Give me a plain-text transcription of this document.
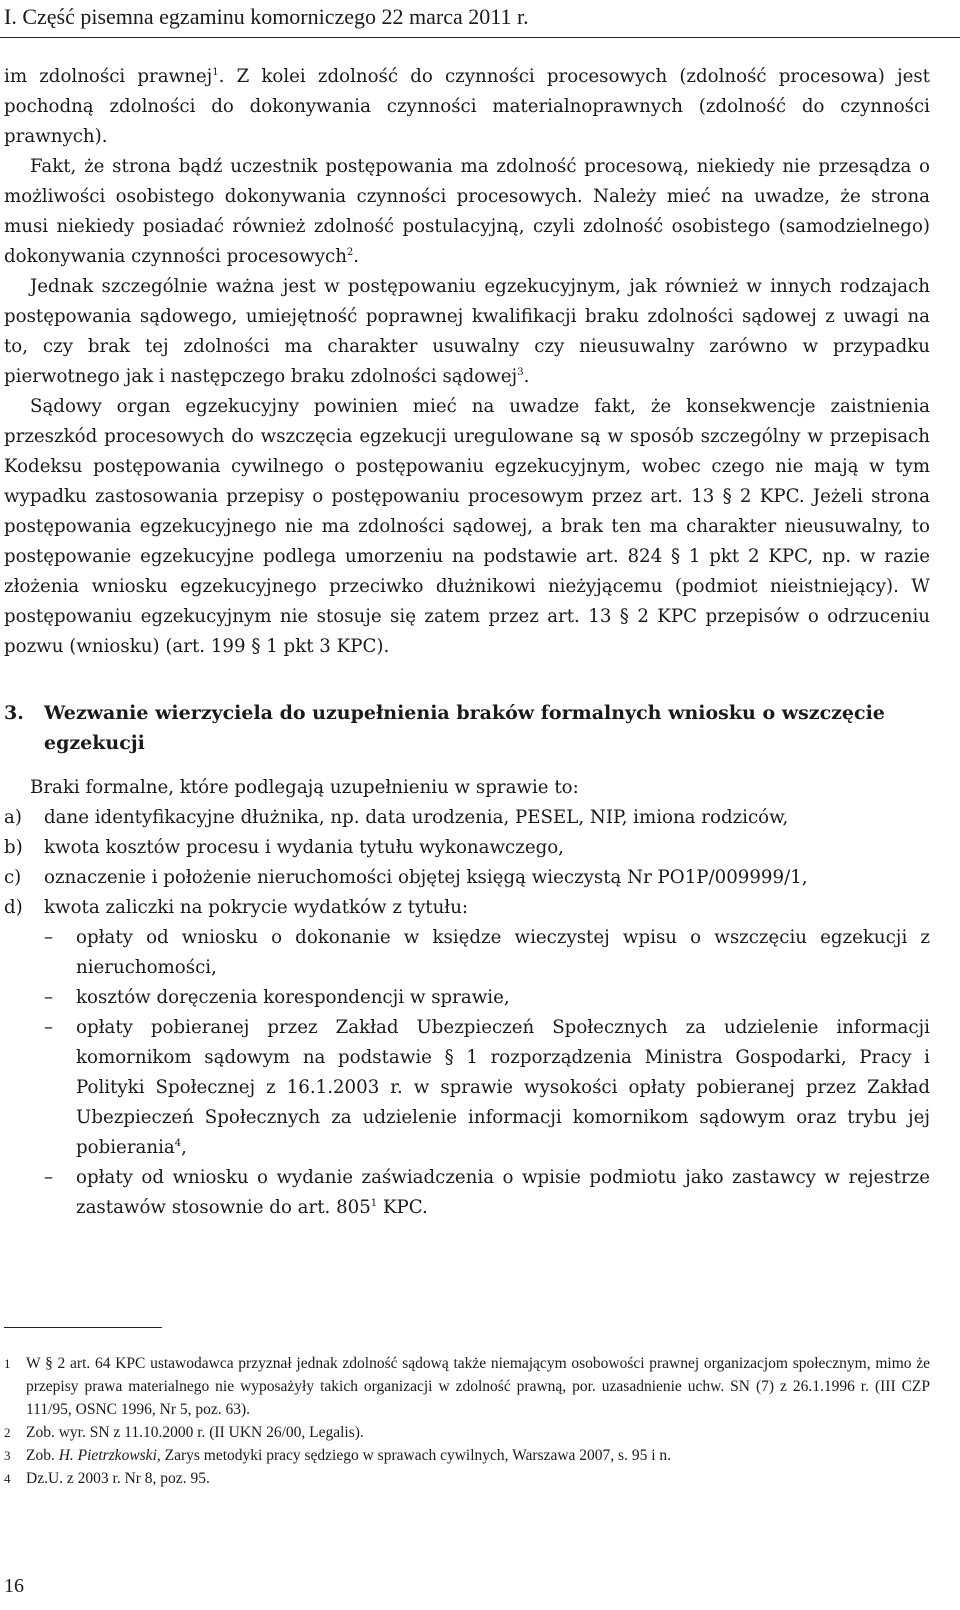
I. Część pisemna egzaminu komorniczego 22 marca 2011 r.

im zdolności prawnej$^1$. Z kolei zdolność do czynności procesowych (zdolność procesowa) jest pochodną zdolności do dokonywania czynności materialnoprawnych (zdolność do czynności prawnych).

Fakt, że strona bądź uczestnik postępowania ma zdolność procesową, niekiedy nie przesądza o możliwości osobistego dokonywania czynności procesowych. Należy mieć na uwadze, że strona musi niekiedy posiadać również zdolność postulacyjną, czyli zdolność osobistego (samodzielnego) dokonywania czynności procesowych$^2$.

Jednak szczególnie ważna jest w postępowaniu egzekucyjnym, jak również w innych rodzajach postępowania sądowego, umiejętność poprawnej kwalifikacji braku zdolności sądowej z uwagi na to, czy brak tej zdolności ma charakter usuwalny czy nieusuwalny zarówno w przypadku pierwotnego jak i następczego braku zdolności sądowej$^3$.

Sądowy organ egzekucyjny powinien mieć na uwadze fakt, że konsekwencje zaistnienia przeszkód procesowych do wszczęcia egzekucji uregulowane są w sposób szczególny w przepisach Kodeksu postępowania cywilnego o postępowaniu egzekucyjnym, wobec czego nie mają w tym wypadku zastosowania przepisy o postępowaniu procesowym przez art. 13 § 2 KPC. Jeżeli strona postępowania egzekucyjnego nie ma zdolności sądowej, a brak ten ma charakter nieusuwalny, to postępowanie egzekucyjne podlega umorzeniu na podstawie art. 824 § 1 pkt 2 KPC, np. w razie złożenia wniosku egzekucyjnego przeciwko dłużnikowi nieżyjącemu (podmiot nieistniejący). W postępowaniu egzekucyjnym nie stosuje się zatem przez art. 13 § 2 KPC przepisów o odrzuceniu pozwu (wniosku) (art. 199 § 1 pkt 3 KPC).

3.	Wezwanie wierzyciela do uzupełnienia braków formalnych wniosku o wszczęcie egzekucji

Braki formalne, które podlegają uzupełnieniu w sprawie to:

a)	dane identyfikacyjne dłużnika, np. data urodzenia, PESEL, NIP, imiona rodziców,
b)	kwota kosztów procesu i wydania tytułu wykonawczego,
c)	oznaczenie i położenie nieruchomości objętej księgą wieczystą Nr PO1P/009999/1,
d)	kwota zaliczki na pokrycie wydatków z tytułu:
–	opłaty od wniosku o dokonanie w księdze wieczystej wpisu o wszczęciu egzekucji z nieruchomości,
–	kosztów doręczenia korespondencji w sprawie,
–	opłaty pobieranej przez Zakład Ubezpieczeń Społecznych za udzielenie informacji komornikom sądowym na podstawie § 1 rozporządzenia Ministra Gospodarki, Pracy i Polityki Społecznej z 16.1.2003 r. w sprawie wysokości opłaty pobieranej przez Zakład Ubezpieczeń Społecznych za udzielenie informacji komornikom sądowym oraz trybu jej pobierania$^4$,
–	opłaty od wniosku o wydanie zaświadczenia o wpisie podmiotu jako zastawcy w rejestrze zastawów stosownie do art. $805^1$ KPC.
1	W § 2 art. 64 KPC ustawodawca przyznał jednak zdolność sądową także niemającym osobowości prawnej organizacjom społecznym, mimo że przepisy prawa materialnego nie wyposażyły takich organizacji w zdolność prawną, por. uzasadnienie uchw. SN (7) z 26.1.1996 r. (III CZP 111/95, OSNC 1996, Nr 5, poz. 63).
2	Zob. wyr. SN z 11.10.2000 r. (II UKN 26/00, Legalis).
3	Zob. H. Pietrzkowski, Zarys metodyki pracy sędziego w sprawach cywilnych, Warszawa 2007, s. 95 i n.
4	Dz.U. z 2003 r. Nr 8, poz. 95.
16
